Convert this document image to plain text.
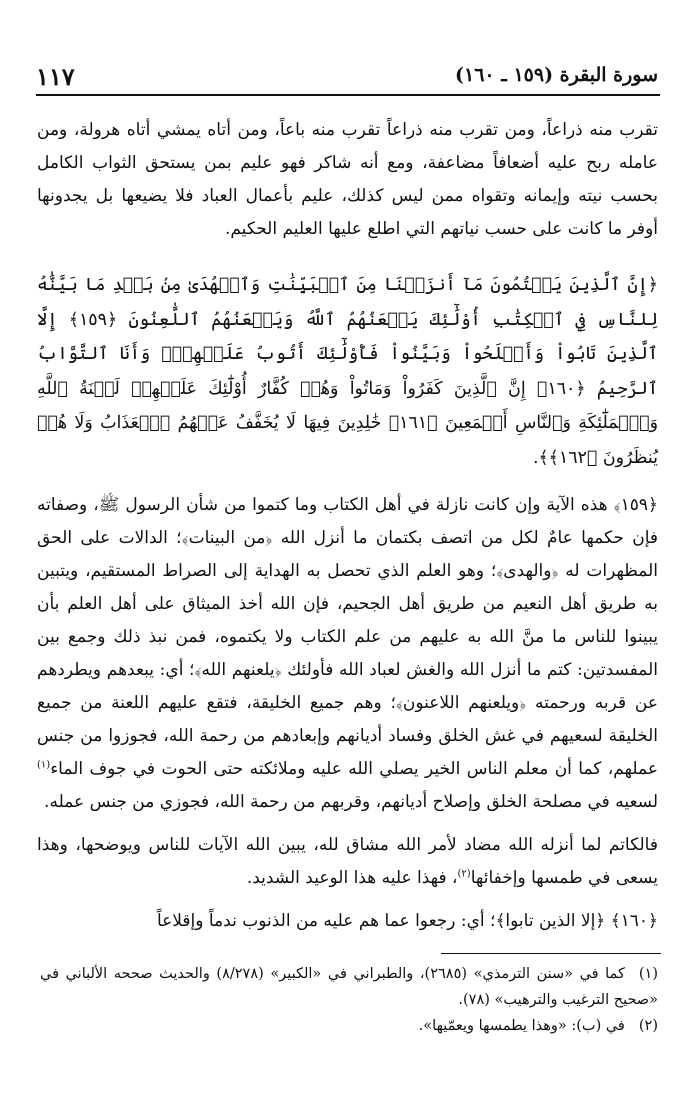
سورة البقرة (١٥٩ ـ ١٦٠)
١١٧

تقرب منه ذراعاً، ومن تقرب منه ذراعاً تقرب منه باعاً، ومن أتاه يمشي أتاه هرولة، ومن عامله ربح عليه أضعافاً مضاعفة، ومع أنه شاكر فهو عليم بمن يستحق الثواب الكامل بحسب نيته وإيمانه وتقواه ممن ليس كذلك، عليم بأعمال العباد فلا يضيعها بل يجدونها أوفر ما كانت على حسب نياتهم التي اطلع عليها العليم الحكيم.

﴿إِنَّ ٱلَّذِينَ يَكۡتُمُونَ مَآ أَنزَلۡنَا مِنَ ٱلۡبَيِّنَٰتِ وَٱلۡهُدَىٰ مِنۢ بَعۡدِ مَا بَيَّنَّٰهُ لِلنَّاسِ فِي ٱلۡكِتَٰبِ أُوْلَٰٓئِكَ يَلۡعَنُهُمُ ٱللَّهُ وَيَلۡعَنُهُمُ ٱللَّٰعِنُونَ ﴿١٥٩﴾ إِلَّا ٱلَّذِينَ تَابُواْ وَأَصۡلَحُواْ وَبَيَّنُواْ فَأُوْلَٰٓئِكَ أَتُوبُ عَلَيۡهِمۡۚ وَأَنَا ٱلتَّوَّابُ ٱلرَّحِيمُ ﴿١٦٠﴾ إِنَّ ٱلَّذِينَ كَفَرُواْ وَمَاتُواْ وَهُمۡ كُفَّارٌ أُوْلَٰٓئِكَ عَلَيۡهِمۡ لَعۡنَةُ ٱللَّهِ وَٱلۡمَلَٰٓئِكَةِ وَٱلنَّاسِ أَجۡمَعِينَ ﴿١٦١﴾ خَٰلِدِينَ فِيهَا لَا يُخَفَّفُ عَنۡهُمُ ٱلۡعَذَابُ وَلَا هُمۡ يُنظَرُونَ ﴿١٦٢﴾﴾.

﴿١٥٩﴾ هذه الآية وإن كانت نازلة في أهل الكتاب وما كتموا من شأن الرسول ﷺ، وصفاته فإن حكمها عامٌ لكل من اتصف بكتمان ما أنزل الله ﴿من البينات﴾؛ الدالات على الحق المظهرات له ﴿والهدى﴾؛ وهو العلم الذي تحصل به الهداية إلى الصراط المستقيم، ويتبين به طريق أهل النعيم من طريق أهل الجحيم، فإن الله أخذ الميثاق على أهل العلم بأن يبينوا للناس ما منَّ الله به عليهم من علم الكتاب ولا يكتموه، فمن نبذ ذلك وجمع بين المفسدتين: كتم ما أنزل الله والغش لعباد الله فأولئك ﴿يلعنهم الله﴾؛ أي: يبعدهم ويطردهم عن قربه ورحمته ﴿ويلعنهم اللاعنون﴾؛ وهم جميع الخليقة، فتقع عليهم اللعنة من جميع الخليقة لسعيهم في غش الخلق وفساد أديانهم وإبعادهم من رحمة الله، فجوزوا من جنس عملهم، كما أن معلم الناس الخير يصلي الله عليه وملائكته حتى الحوت في جوف الماء$^{(١)}$ لسعيه في مصلحة الخلق وإصلاح أديانهم، وقربهم من رحمة الله، فجوزي من جنس عمله.

فالكاتم لما أنزله الله مضاد لأمر الله مشاق لله، يبين الله الآيات للناس ويوضحها، وهذا يسعى في طمسها وإخفائها$^{(٢)}$، فهذا عليه هذا الوعيد الشديد.

﴿١٦٠﴾ ﴿إلا الذين تابوا﴾؛ أي: رجعوا عما هم عليه من الذنوب ندماً وإقلاعاً

(١)كما في «سنن الترمذي» (٢٦٨٥)، والطبراني في «الكبير» (٨/٢٧٨) والحديث صححه الألباني في «صحيح الترغيب والترهيب» (٧٨).

(٢)في (ب): «وهذا يطمسها ويعمّيها».
